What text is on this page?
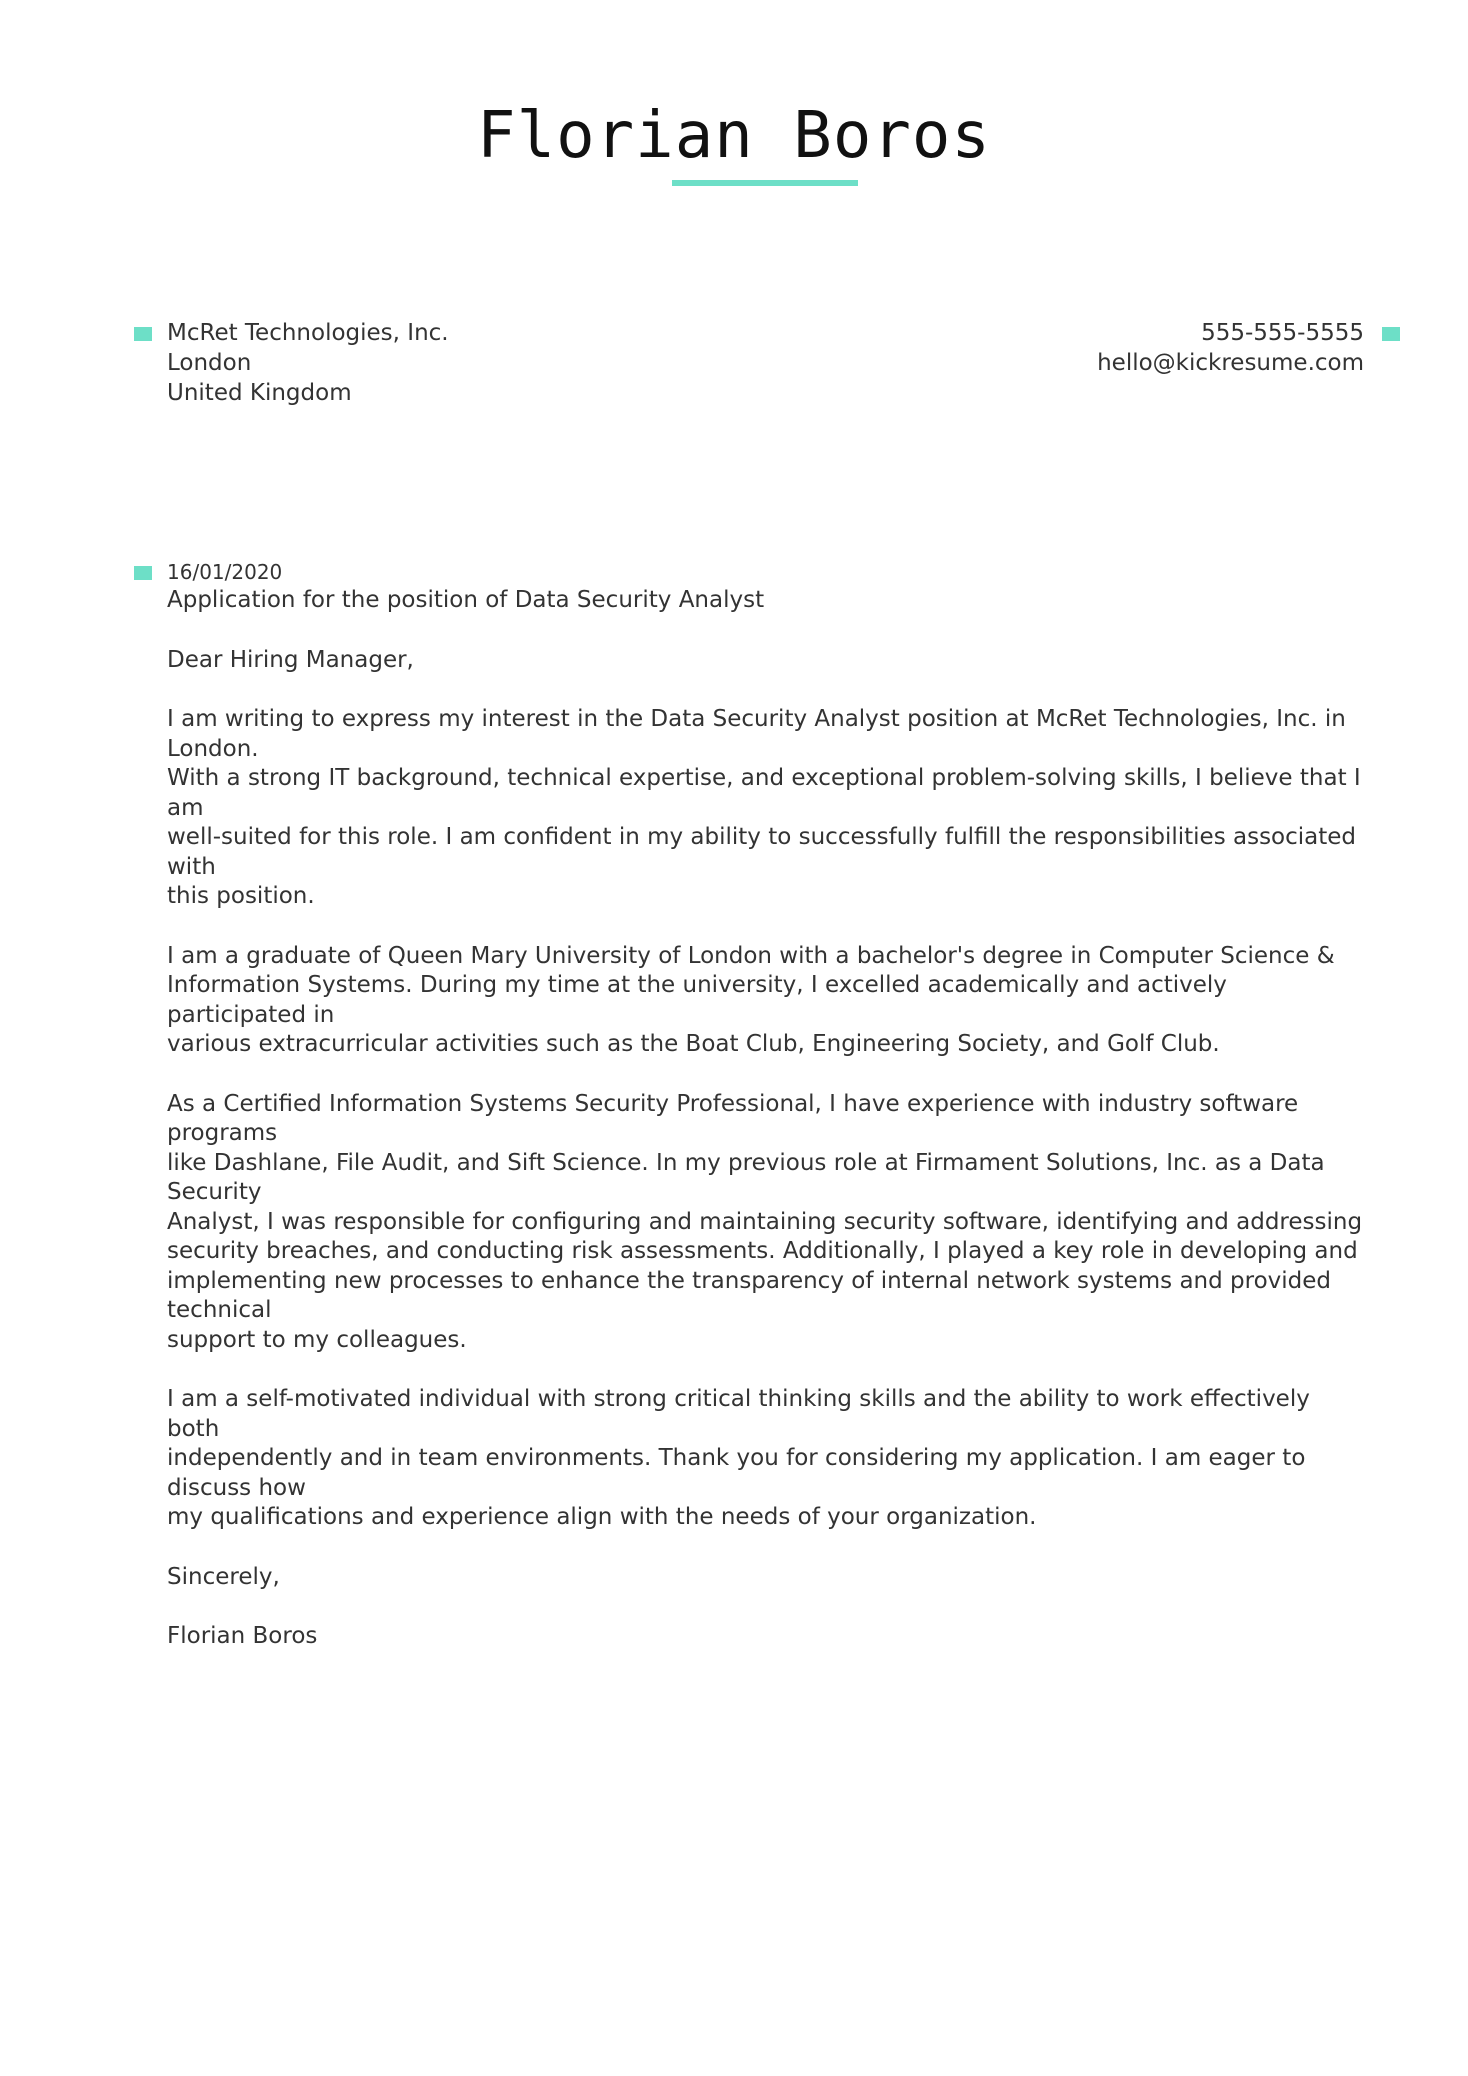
Florian Boros
McRet Technologies, Inc.
London
United Kingdom
555-555-5555
hello@kickresume.com
16/01/2020
Application for the position of Data Security Analyst

Dear Hiring Manager,

I am writing to express my interest in the Data Security Analyst position at McRet Technologies, Inc. in London.
With a strong IT background, technical expertise, and exceptional problem-solving skills, I believe that I am
well-suited for this role. I am confident in my ability to successfully fulfill the responsibilities associated with
this position.

I am a graduate of Queen Mary University of London with a bachelor's degree in Computer Science &
Information Systems. During my time at the university, I excelled academically and actively participated in
various extracurricular activities such as the Boat Club, Engineering Society, and Golf Club.

As a Certified Information Systems Security Professional, I have experience with industry software programs
like Dashlane, File Audit, and Sift Science. In my previous role at Firmament Solutions, Inc. as a Data Security
Analyst, I was responsible for configuring and maintaining security software, identifying and addressing
security breaches, and conducting risk assessments. Additionally, I played a key role in developing and
implementing new processes to enhance the transparency of internal network systems and provided technical
support to my colleagues.

I am a self-motivated individual with strong critical thinking skills and the ability to work effectively both
independently and in team environments. Thank you for considering my application. I am eager to discuss how
my qualifications and experience align with the needs of your organization.

Sincerely,

Florian Boros
